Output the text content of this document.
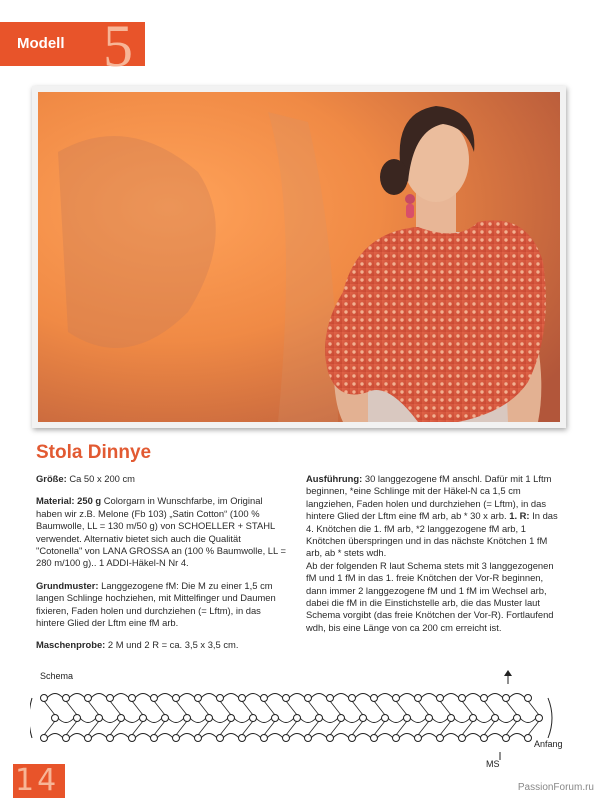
Modell 5
Stola Dinnye

Größe: Ca 50 x 200 cm

Material: 250 g Colorgarn in Wunschfarbe, im Original haben wir z.B. Melone (Fb 103) „Satin Cotton“ (100 % Baumwolle, LL = 130 m/50 g) von SCHOELLER + STAHL verwendet. Alternativ bietet sich auch die Qualität "Cotonella" von LANA GROSSA an (100 % Baumwolle, LL = 280 m/100 g).. 1 ADDI-Häkel-N Nr 4.

Grundmuster: Langgezogene fM: Die M zu einer 1,5 cm langen Schlinge hochziehen, mit Mittelfinger und Daumen fixieren, Faden holen und durchziehen (= Lftm), in das hintere Glied der Lftm eine fM arb.

Maschenprobe: 2 M und 2 R = ca. 3,5 x 3,5 cm.

Ausführung: 30 langgezogene fM anschl. Dafür mit 1 Lftm beginnen, *eine Schlinge mit der Häkel-N ca 1,5 cm langziehen, Faden holen und durchziehen (= Lftm), in das hintere Glied der Lftm eine fM arb, ab * 30 x arb. 1. R: In das 4. Knötchen die 1. fM arb, *2 langgezogene fM arb, 1 Knötchen überspringen und in das nächste Knötchen 1 fM arb, ab * stets wdh.

Ab der folgenden R laut Schema stets mit 3 langgezogenen fM und 1 fM in das 1. freie Knötchen der Vor-R beginnen, dann immer 2 langgezogene fM und 1 fM im Wechsel arb, dabei die fM in die Einstichstelle arb, die das Muster laut Schema vorgibt (das freie Knötchen der Vor-R). Fortlaufend wdh, bis eine Länge von ca 200 cm erreicht ist.

Schema
Anfang
MS
14	PassionForum.ru
